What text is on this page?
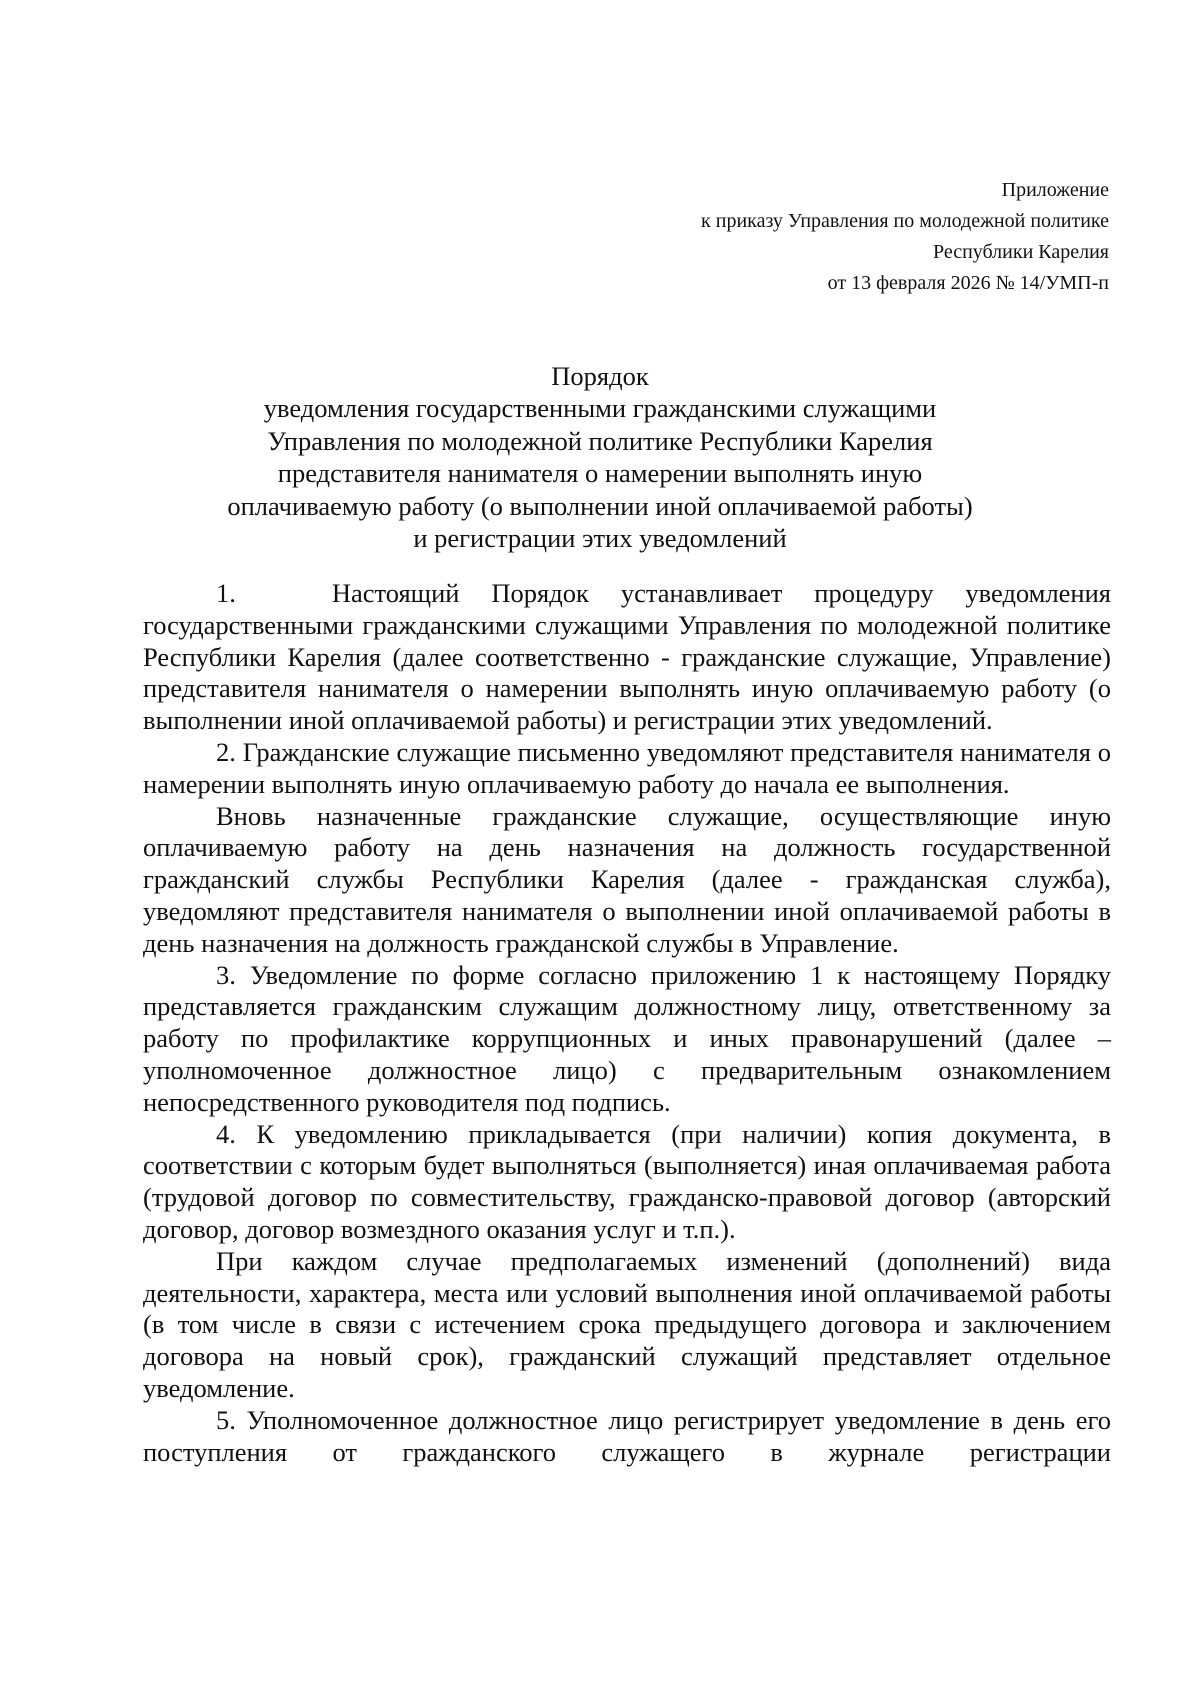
Приложение
к приказу Управления по молодежной политике
Республики Карелия
от 13 февраля 2026 № 14/УМП-п
Порядок
уведомления государственными гражданскими служащими
Управления по молодежной политике Республики Карелия
представителя нанимателя о намерении выполнять иную
оплачиваемую работу (о выполнении иной оплачиваемой работы)
и регистрации этих уведомлений

1.   Настоящий Порядок устанавливает процедуру уведомления государственными гражданскими служащими Управления по молодежной политике Республики Карелия (далее соответственно - гражданские служащие, Управление) представителя нанимателя о намерении выполнять иную оплачиваемую работу (о выполнении иной оплачиваемой работы) и регистрации этих уведомлений.

2. Гражданские служащие письменно уведомляют представителя нанимателя о намерении выполнять иную оплачиваемую работу до начала ее выполнения.

Вновь назначенные гражданские служащие, осуществляющие иную оплачиваемую работу на день назначения на должность государственной гражданский службы Республики Карелия (далее - гражданская служба), уведомляют представителя нанимателя о выполнении иной оплачиваемой работы в день назначения на должность гражданской службы в Управление.

3. Уведомление по форме согласно приложению 1 к настоящему Порядку представляется гражданским служащим должностному лицу, ответственному за работу по профилактике коррупционных и иных правонарушений (далее – уполномоченное должностное лицо) с предварительным ознакомлением непосредственного руководителя под подпись.

4. К уведомлению прикладывается (при наличии) копия документа, в соответствии с которым будет выполняться (выполняется) иная оплачиваемая работа (трудовой договор по совместительству, гражданско-правовой договор (авторский договор, договор возмездного оказания услуг и т.п.).

При каждом случае предполагаемых изменений (дополнений) вида деятельности, характера, места или условий выполнения иной оплачиваемой работы (в том числе в связи с истечением срока предыдущего договора и заключением договора на новый срок), гражданский служащий представляет отдельное уведомление.

5. Уполномоченное должностное лицо регистрирует уведомление в день его поступления от гражданского служащего в журнале регистрации
